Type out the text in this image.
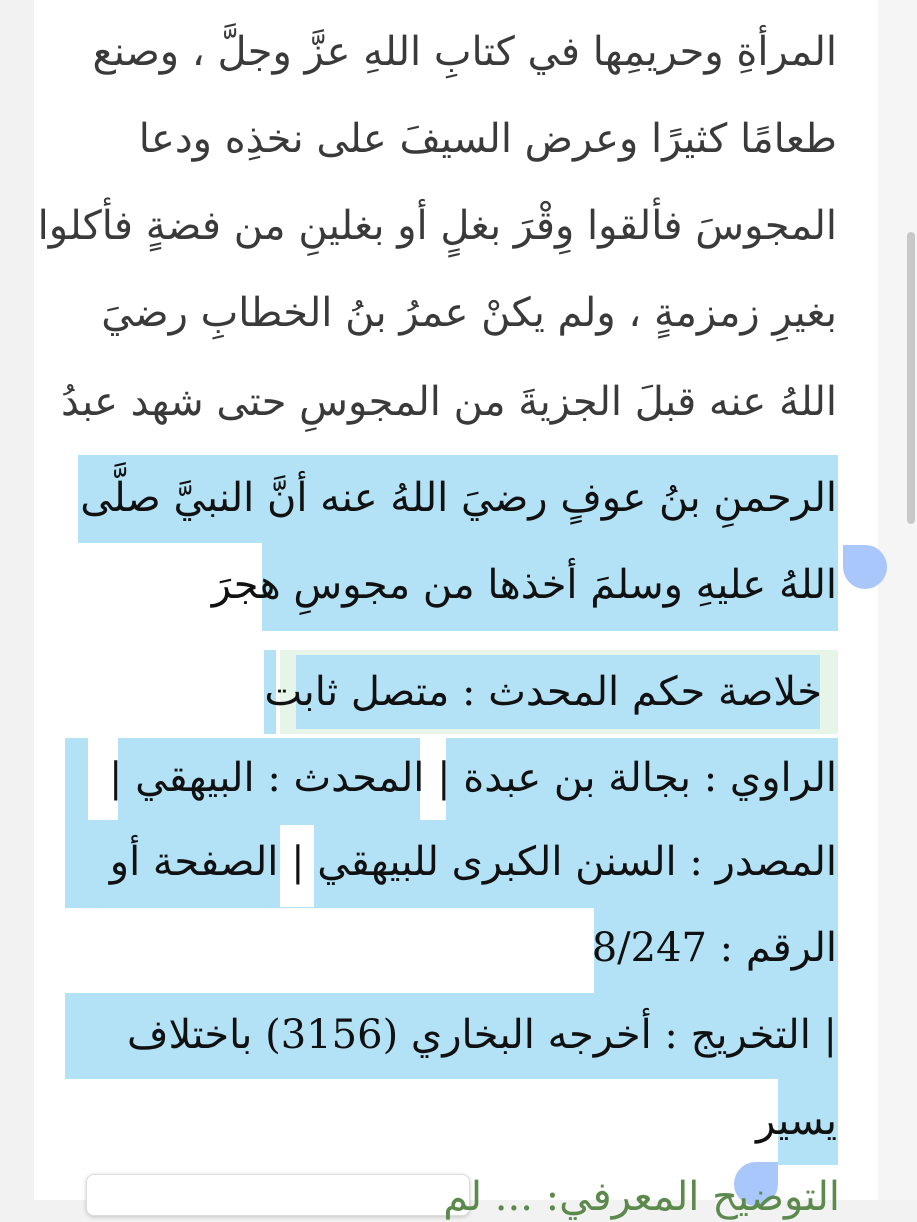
المرأةِ وحريمِها في كتابِ اللهِ عزَّ وجلَّ ، وصنع
طعامًا كثيرًا وعرض السيفَ على نخذِه ودعا
المجوسَ فألقوا وِقْرَ بغلٍ أو بغلينِ من فضةٍ فأكلوا
بغيرِ زمزمةٍ ، ولم يكنْ عمرُ بنُ الخطابِ رضيَ
اللهُ عنه قبلَ الجزيةَ من المجوسِ حتى شهد عبدُ
الرحمنِ بنُ عوفٍ رضيَ اللهُ عنه أنَّ النبيَّ صلَّى
اللهُ عليهِ وسلمَ أخذها من مجوسِ هجرَ
خلاصة حكم المحدث : متصل ثابت
الراوي : بجالة بن عبدة | المحدث : البيهقي |
المصدر : السنن الكبرى للبيهقي | الصفحة أو
الرقم : 8/247
| التخريج : أخرجه البخاري (3156) باختلاف
يسير
التوضيح المعرفي: ... لم
